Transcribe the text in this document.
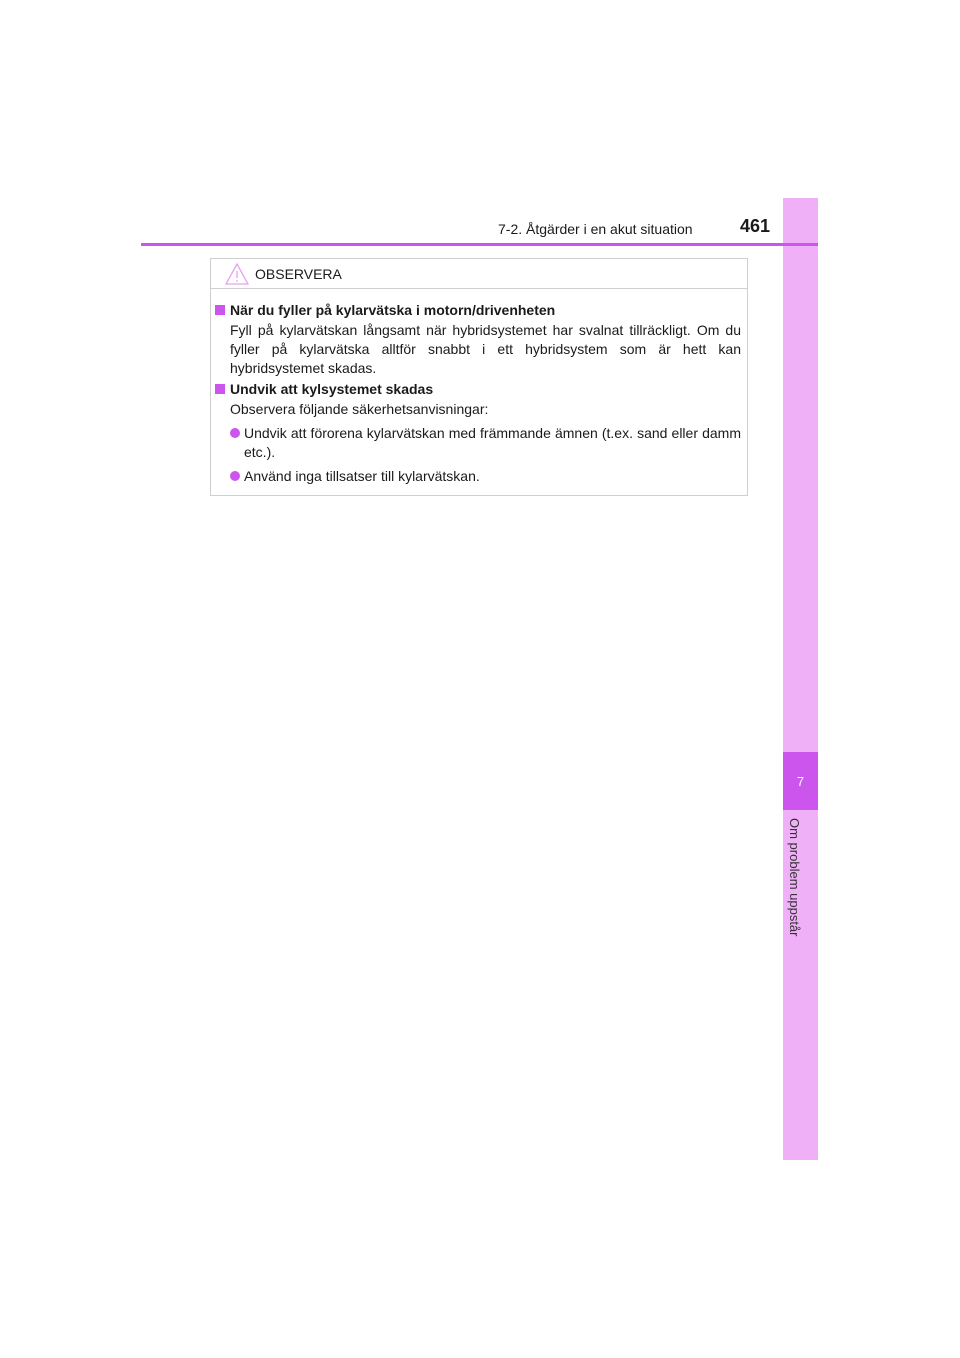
7
Om problem uppstår
7-2. Åtgärder i en akut situation	461
OBSERVERA
När du fyller på kylarvätska i motorn/drivenheten
Fyll på kylarvätskan långsamt när hybridsystemet har svalnat tillräckligt. Om du fyller på kylarvätska alltför snabbt i ett hybridsystem som är hett kan hybridsystemet skadas.
Undvik att kylsystemet skadas
Observera följande säkerhetsanvisningar:
Undvik att förorena kylarvätskan med främmande ämnen (t.ex. sand eller damm etc.).
Använd inga tillsatser till kylarvätskan.
